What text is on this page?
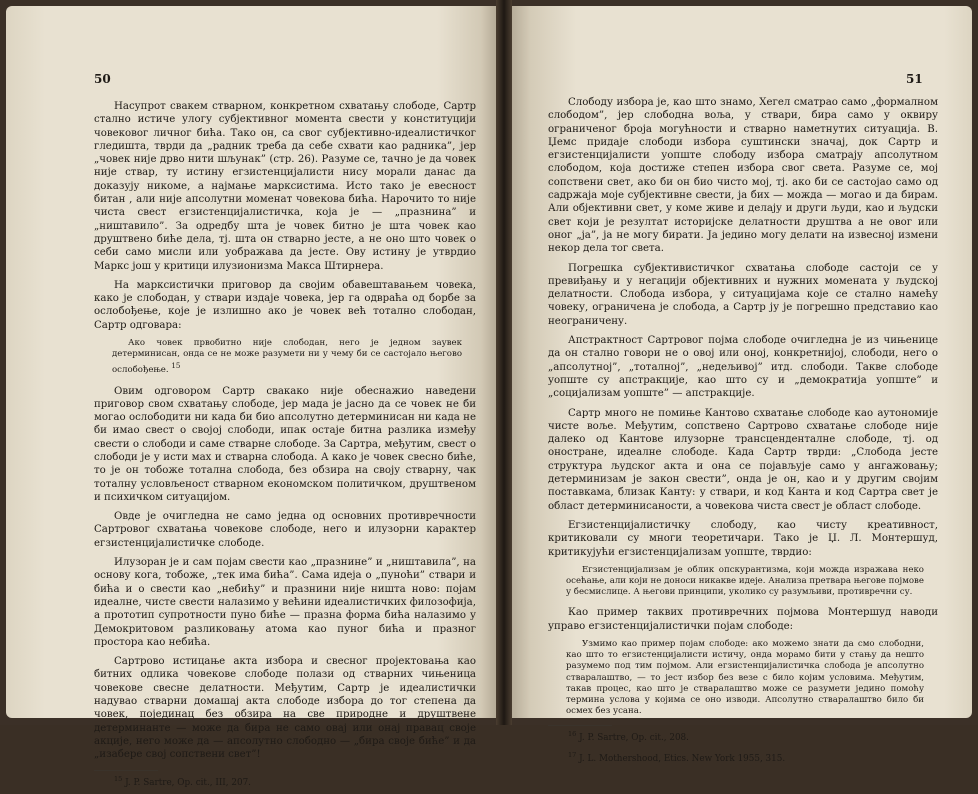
50

Насупрот свакем стварном, конкретном схватању слободе, Сартр стално истиче улогу субјективног момента свести у конституцији човековог личног бића. Тако он, са свог субјективно-идеалистичког гледишта, тврди да „радник треба да себе схвати као радника”, јер „човек није дрво нити шљунак” (стр. 26). Разуме се, тачно је да човек није ствар, ту истину егзистенцијалисти нису морали данас да доказују никоме, а најмање марксистима. Исто тако је евесност битан , али није апсолутни моменат човекова бића. Нарочито то није чиста свест егзистенцијалистичка, која је — „празнина” и „ништавило”. За одредбу шта је човек битно је шта човек као друштвено биће дела, тј. шта он стварно јесте, а не оно што човек о себи само мисли или уображава да јесте. Ову истину је утврдио Маркс још у критици илузионизма Макса Штирнера.

На марксистички приговор да својим обавештавањем човека, како је слободан, у ствари издаје човека, јер га одвраћа од борбе за ослобођење, које је излишно ако је човек већ тотално слободан, Сартр одговара:

Ако човек првобитно није слободан, него је једном заувек детерминисан, онда се не може разумети ни у чему би се састојало његово ослобођење. $^{15}$

Овим одговором Сартр свакако није обеснажио наведени приговор свом схватању слободе, јер мада је јасно да се човек не би могао ослободити ни када би био апсолутно детерминисан ни када не би имао свест о својој слободи, ипак остаје битна разлика између свести о слободи и саме стварне слободе. За Сартра, међутим, свест о слободи је у исти мах и стварна слобода. А како је човек свесно биће, то је он тобоже тотална слобода, без обзира на своју стварну, чак тоталну условљеност стварном економском политичком, друштвеном и психичком ситуацијом.

Овде је очигледна не само једна од основних противречности Сартровог схватања човекове слободе, него и илузорни карактер егзистенцијалистичке слободе.

Илузоран је и сам појам свести као „празнине” и „ништавила”, на основу кога, тобоже, „тек има бића”. Сама идеја о „пуноћи” ствари и бића и о свести као „небићу” и празнини није ништа ново: појам идеалне, чисте свести налазимо у већини идеалистичких филозофија, а прототип супротности пуно биће — празна форма бића налазимо у Демокритовом разликовању атома као пуног бића и празног простора као небића.

Сартрово истицање акта избора и свесног пројектовања као битних одлика човекове слободе полази од стварних чињеница човекове свесне делатности. Међутим, Сартр је идеалистички надувао стварни домашај акта слободе избора до тог степена да човек, појединац без обзира на све природне и друштвене детерминанте — може да бира не само овај или онај правац своје акције, него може да — апсолутно слободно — „бира своје биће” и да „изабере свој сопствени свет”!

$^{15}$ J. P. Sartre, Op. cit., III, 207.

51

Слободу избора је, као што знамо, Хегел сматрао само „формалном слободом”, јер слободна воља, у ствари, бира само у оквиру ограниченог броја могућности и стварно наметнутих ситуација. В. Џемс придаје слободи избора суштински значај, док Сартр и егзистенцијалисти уопште слободу избора сматрају апсолутном слободом, која достиже степен избора свог света. Разуме се, мој сопствени свет, ако би он био чисто мој, тј. ако би се састојао само од садржаја моје субјективне свести, ја бих — можда — могао и да бирам. Али објективни свет, у коме живе и делају и други људи, као и људски свет који је резултат историјске делатности друштва а не овог или оног „ја”, ја не могу бирати. Ја једино могу делати на извесној измени некор дела тог света.

Погрешка субјективистичког схватања слободе састоји се у превиђању и у негацији објективних и нужних момената у људској делатности. Слобода избора, у ситуацијама које се стално намећу човеку, ограничена је слобода, а Сартр ју је погрешно представио као неограничену.

Апстрактност Сартровог појма слободе очигледна је из чињенице да он стално говори не о овој или оној, конкретнијој, слободи, него о „апсолутној”, „тоталној”, „недељивој” итд. слободи. Такве слободе уопште су апстракције, као што су и „демократија уопште” и „социјализам уопште” — апстракције.

Сартр много не помиње Кантово схватање слободе као аутономије чисте воље. Међутим, сопствено Сартрово схватање слободе није далеко од Кантове илузорне трансценденталне слободе, тј. од оностране, идеалне слободе. Када Сартр тврди: „Слобода јесте структура људског акта и она се појављује само у ангажовању; детерминизам је закон свести”, онда је он, као и у другим својим поставкама, близак Канту: у ствари, и код Канта и код Сартра свет је област детерминисаности, а човекова чиста свест је област слободе.

Егзистенцијалистичку слободу, као чисту креативност, критиковали су многи теоретичари. Тако је Џ. Л. Монтершуд, критикујући егзистенцијализам уопште, тврдио:

Егзистенцијализам је облик опскурантизма, који можда изражава неко осећање, али који не доноси никакве идеје. Анализа претвара његове појмове у бесмислице. А његови принципи, уколико су разумљиви, противречни су.

Као пример таквих противречних појмова Монтершуд наводи управо егзистенцијалистички појам слободе:

Узмимо као пример појам слободе: ако можемо знати да смо слободни, као што то егзистенцијалисти истичу, онда морамо бити у стању да нешто разумемо под тим појмом. Али егзистенцијалистичка слобода је апсолутно стваралаштво, — то јест избор без везе с било којим условима. Међутим, такав процес, као што је стваралаштво може се разумети једино помоћу термина услова у којима се оно изводи. Апсолутно стваралаштво било би осмех без усана.

$^{16}$ J. P. Sartre, Op. cit., 208.

$^{17}$ J. L. Mothershood, Etics. New York 1955, 315.
